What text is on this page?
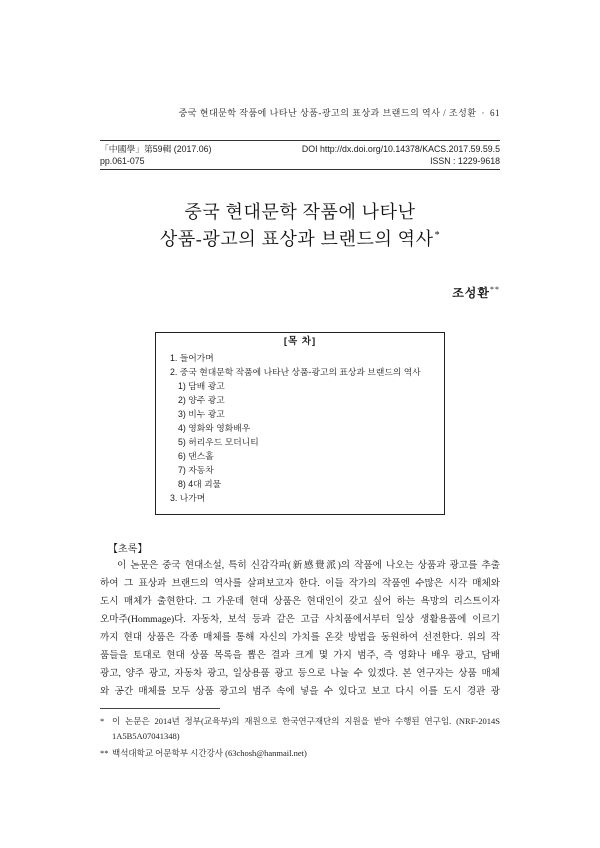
중국 현대문학 작품에 나타난 상품-광고의 표상과 브랜드의 역사 / 조성환 · 61
「中國學」第59輯 (2017.06)	DOI http://dx.doi.org/10.14378/KACS.2017.59.59.5
pp.061-075	ISSN : 1229-9618
중국 현대문학 작품에 나타난
상품-광고의 표상과 브랜드의 역사*
조성환**
[목 차]
1. 들어가며
2. 중국 현대문학 작품에 나타난 상품-광고의 표상과 브랜드의 역사
1) 담배 광고
2) 양주 광고
3) 비누 광고
4) 영화와 영화배우
5) 허리우드 모더니티
6) 댄스홀
7) 자동차
8) 4대 괴물
3. 나가며
【초록】
이 논문은 중국 현대소설, 특히 신감각파(新感覺派)의 작품에 나오는 상품과 광고를 추출
하여 그 표상과 브랜드의 역사를 살펴보고자 한다. 이들 작가의 작품엔 수많은 시각 매체와
도시 매체가 출현한다. 그 가운데 현대 상품은 현대인이 갖고 싶어 하는 욕망의 리스트이자
오마주(Hommage)다. 자동차, 보석 등과 같은 고급 사치품에서부터 일상 생활용품에 이르기
까지 현대 상품은 각종 매체를 통해 자신의 가치를 온갖 방법을 동원하여 선전한다. 위의 작
품들을 토대로 현대 상품 목록을 뽑은 결과 크게 몇 가지 범주, 즉 영화나 배우 광고, 담배
광고, 양주 광고, 자동차 광고, 일상용품 광고 등으로 나눌 수 있겠다. 본 연구자는 상품 매체
와 공간 매체를 모두 상품 광고의 범주 속에 넣을 수 있다고 보고 다시 이를 도시 경관 광
* 이 논문은 2014년 정부(교육부)의 재원으로 한국연구재단의 지원을 받아 수행된 연구임. (NRF-2014S
1A5B5A07041348)
** 백석대학교 어문학부 시간강사 (63chosh@hanmail.net)
